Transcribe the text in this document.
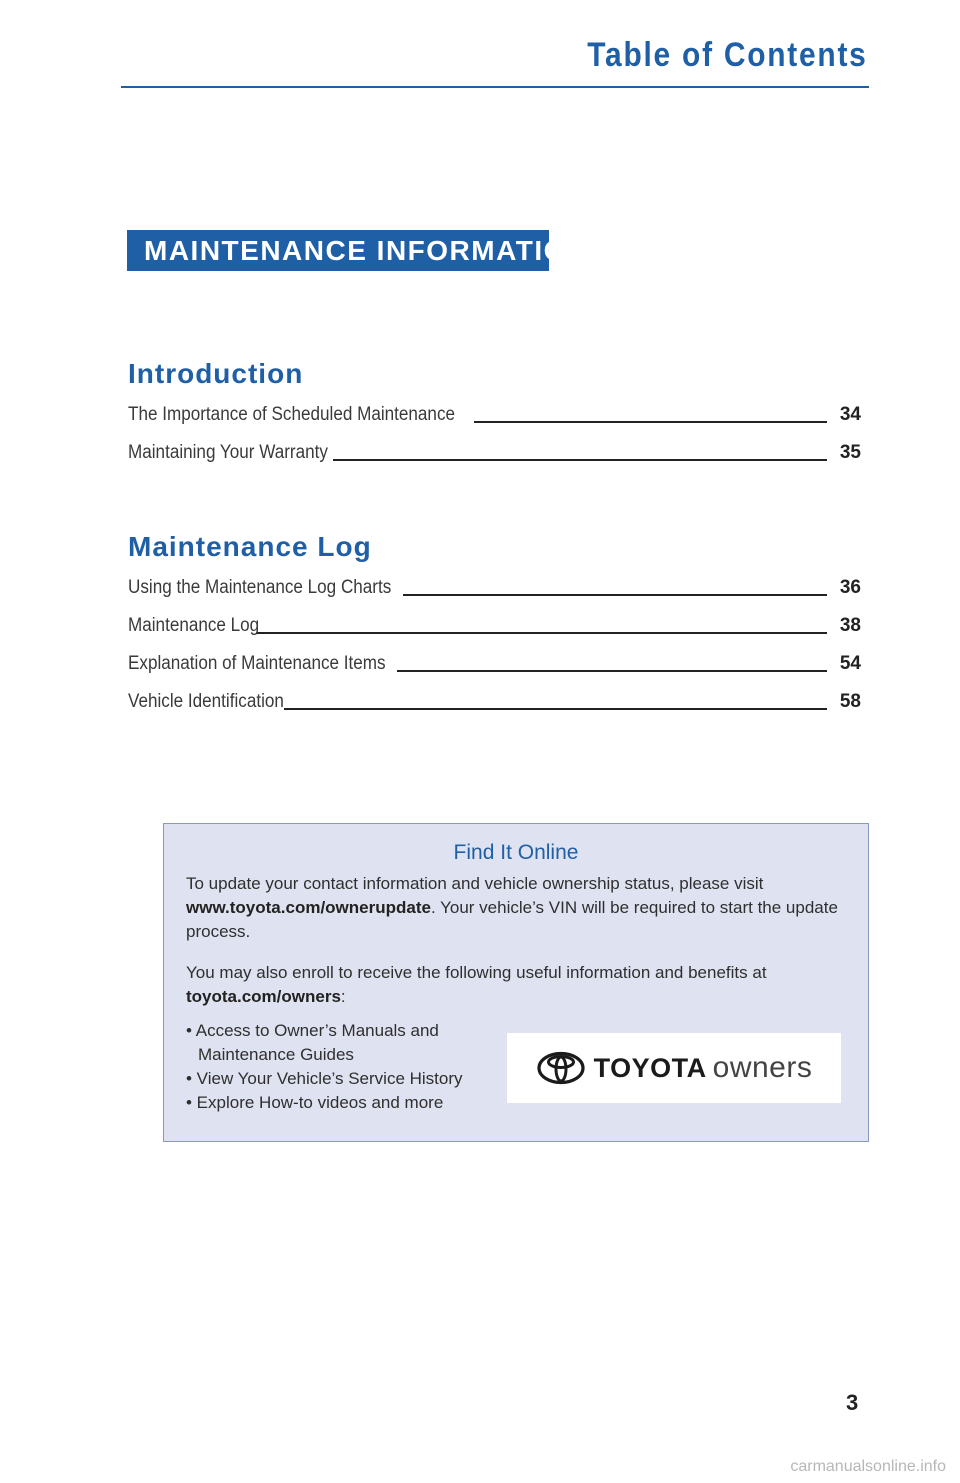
Table of Contents
MAINTENANCE INFORMATION
Introduction
The Importance of Scheduled Maintenance	34
Maintaining Your Warranty	35
Maintenance Log
Using the Maintenance Log Charts	36
Maintenance Log	38
Explanation of Maintenance Items	54
Vehicle Identification	58
Find It Online

To update your contact information and vehicle ownership status, please visit www.toyota.com/ownerupdate. Your vehicle’s VIN will be required to start the update process.

You may also enroll to receive the following useful information and benefits at toyota.com/owners:

• Access to Owner’s Manuals and Maintenance Guides
• View Your Vehicle’s Service History
• Explore How-to videos and more
TOYOTA owners
3
carmanualsonline.info
